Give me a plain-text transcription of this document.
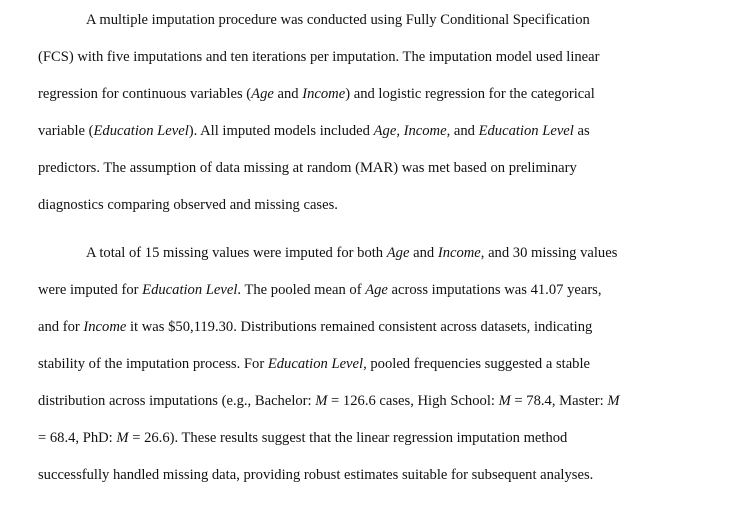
A multiple imputation procedure was conducted using Fully Conditional Specification
(FCS) with five imputations and ten iterations per imputation. The imputation model used linear
regression for continuous variables (Age and Income) and logistic regression for the categorical
variable (Education Level). All imputed models included Age, Income, and Education Level as
predictors. The assumption of data missing at random (MAR) was met based on preliminary
diagnostics comparing observed and missing cases.
A total of 15 missing values were imputed for both Age and Income, and 30 missing values
were imputed for Education Level. The pooled mean of Age across imputations was 41.07 years,
and for Income it was $50,119.30. Distributions remained consistent across datasets, indicating
stability of the imputation process. For Education Level, pooled frequencies suggested a stable
distribution across imputations (e.g., Bachelor: M = 126.6 cases, High School: M = 78.4, Master: M
= 68.4, PhD: M = 26.6). These results suggest that the linear regression imputation method
successfully handled missing data, providing robust estimates suitable for subsequent analyses.
